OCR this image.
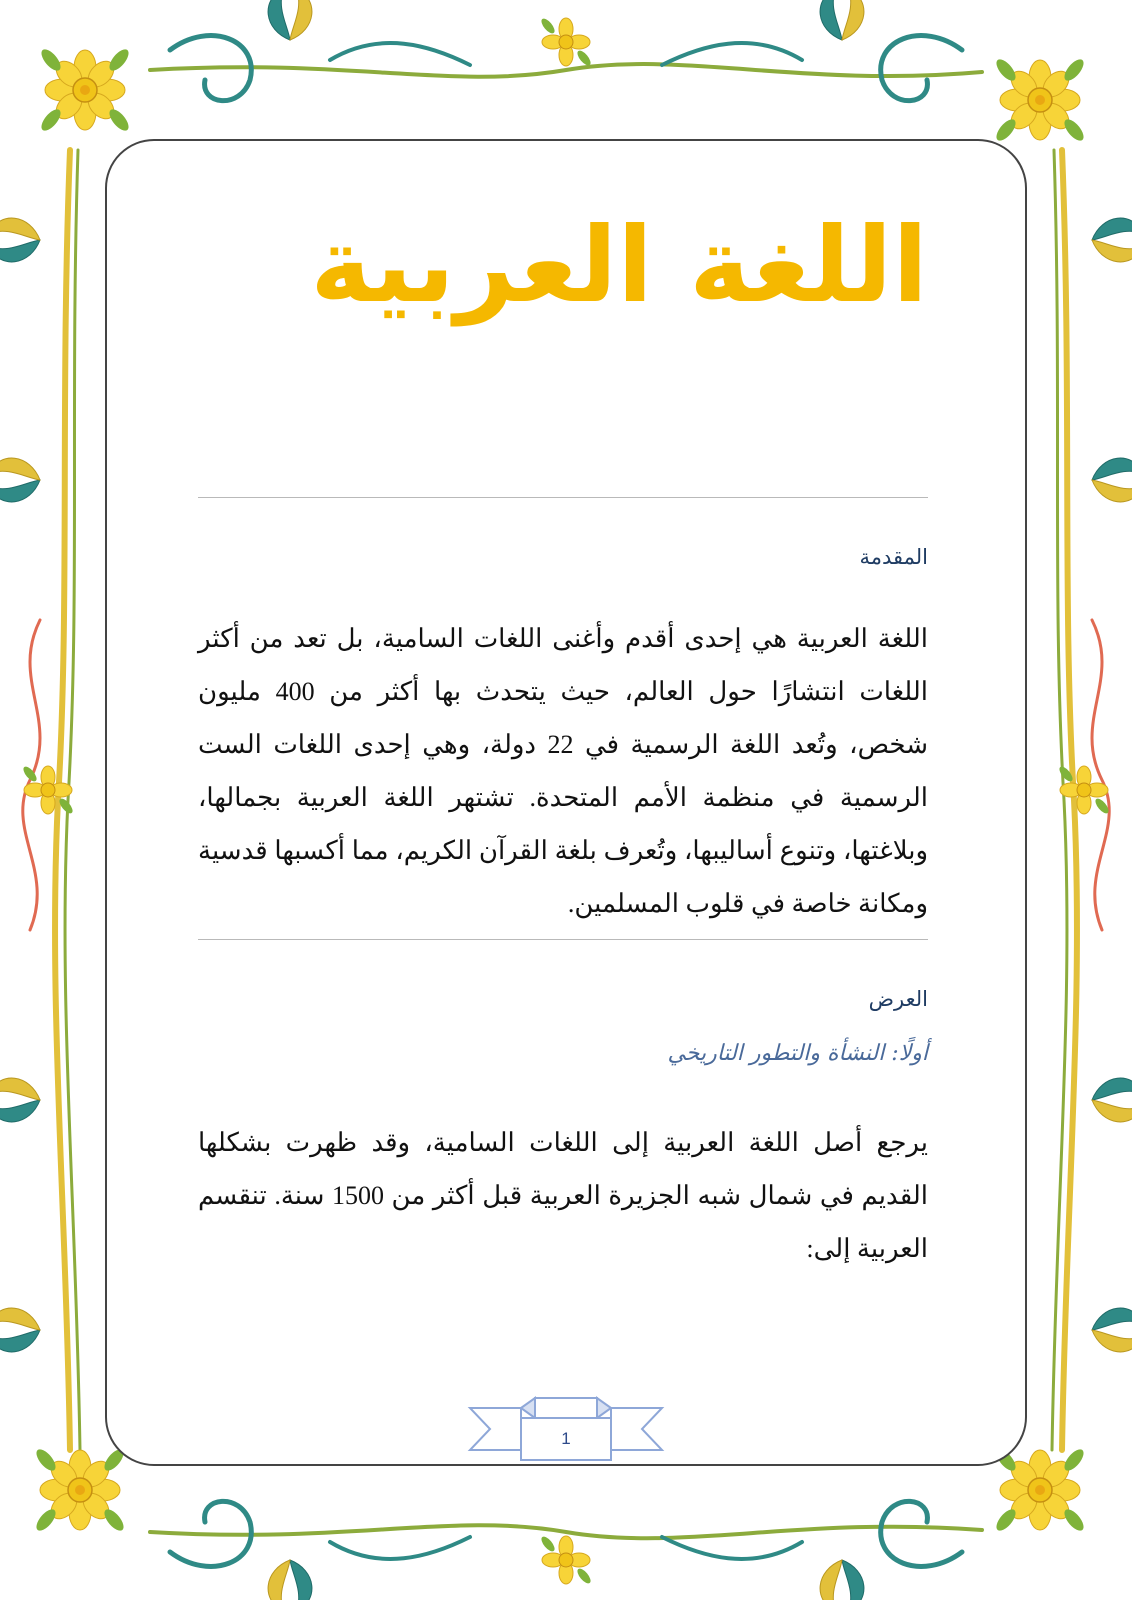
اللغة العربية
المقدمة

اللغة العربية هي إحدى أقدم وأغنى اللغات السامية، بل تعد من أكثر اللغات انتشارًا حول العالم، حيث يتحدث بها أكثر من 400 مليون شخص، وتُعد اللغة الرسمية في 22 دولة، وهي إحدى اللغات الست الرسمية في منظمة الأمم المتحدة. تشتهر اللغة العربية بجمالها، وبلاغتها، وتنوع أساليبها، وتُعرف بلغة القرآن الكريم، مما أكسبها قدسية ومكانة خاصة في قلوب المسلمين.

العرض
أولًا: النشأة والتطور التاريخي

يرجع أصل اللغة العربية إلى اللغات السامية، وقد ظهرت بشكلها القديم في شمال شبه الجزيرة العربية قبل أكثر من 1500 سنة. تنقسم العربية إلى:

1
